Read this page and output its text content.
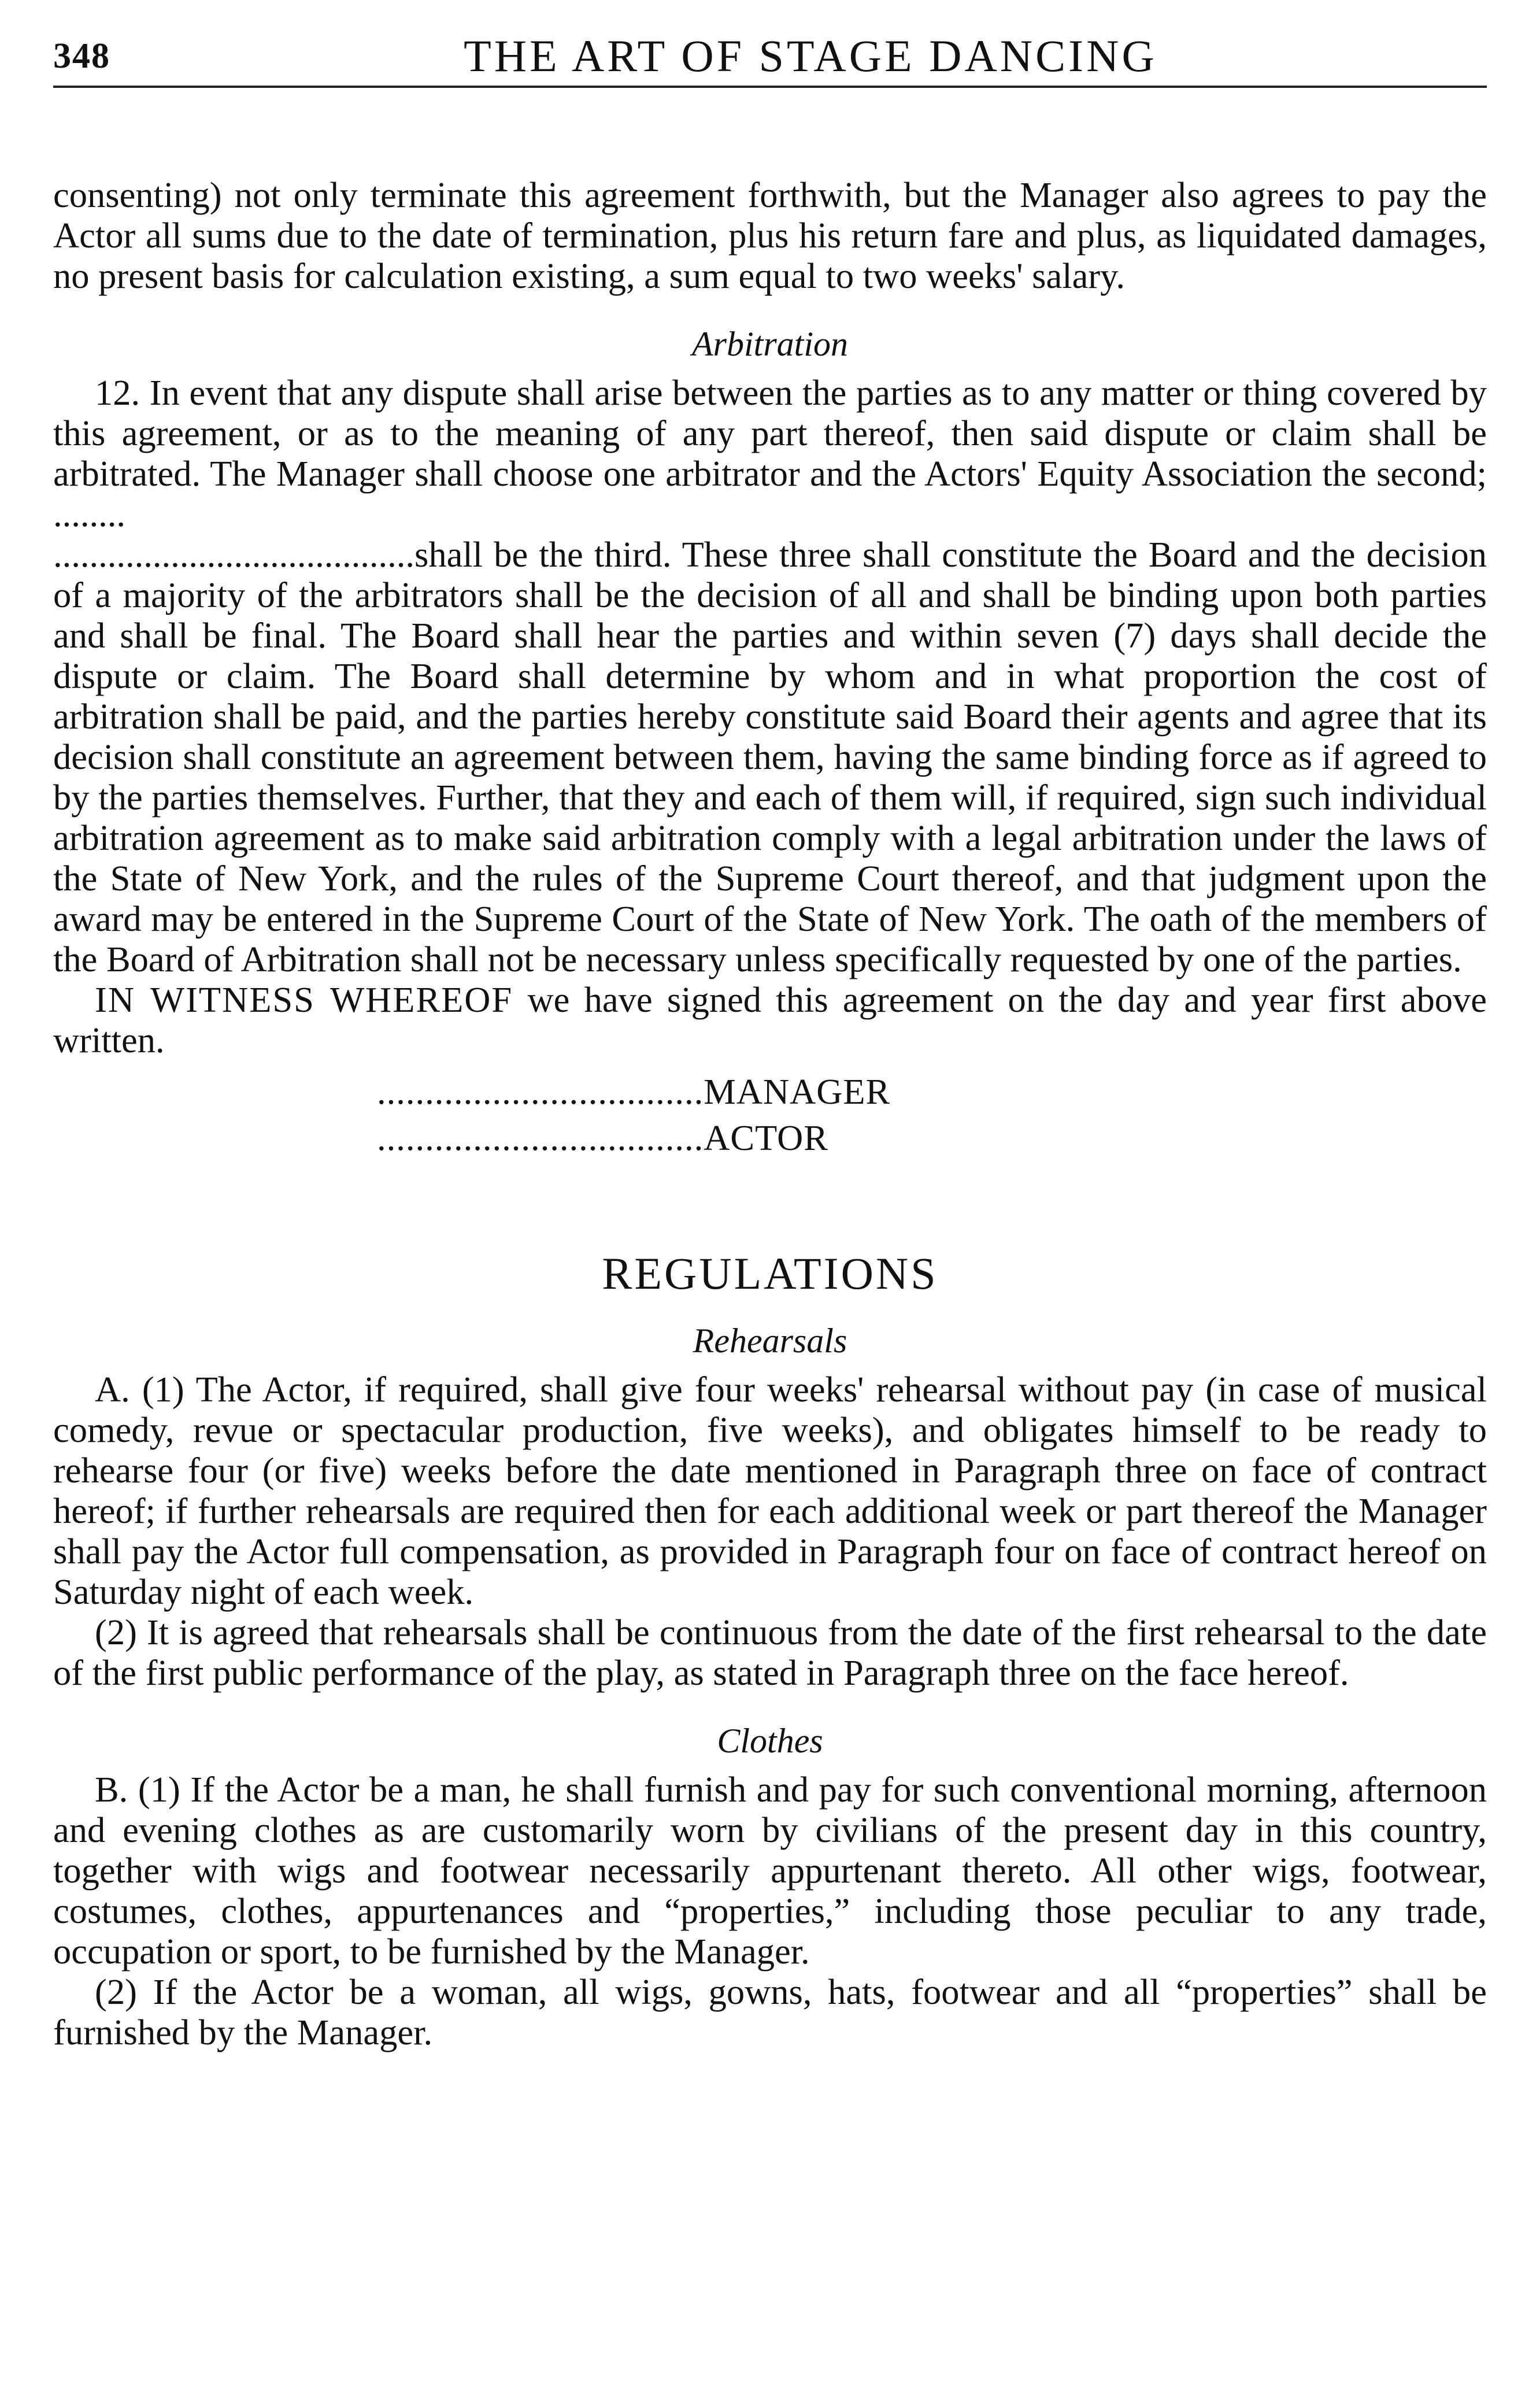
348	THE ART OF STAGE DANCING

consenting) not only terminate this agreement forthwith, but the Manager also agrees to pay the Actor all sums due to the date of termination, plus his return fare and plus, as liquidated damages, no present basis for calculation existing, a sum equal to two weeks' salary.

Arbitration

12. In event that any dispute shall arise between the parties as to any matter or thing covered by this agreement, or as to the meaning of any part thereof, then said dispute or claim shall be arbitrated. The Manager shall choose one arbitrator and the Actors' Equity Association the second; ........

........................................shall be the third. These three shall constitute the Board and the decision of a majority of the arbitrators shall be the decision of all and shall be binding upon both parties and shall be final. The Board shall hear the parties and within seven (7) days shall decide the dispute or claim. The Board shall determine by whom and in what proportion the cost of arbitration shall be paid, and the parties hereby constitute said Board their agents and agree that its decision shall constitute an agreement between them, having the same binding force as if agreed to by the parties themselves. Further, that they and each of them will, if required, sign such individual arbitration agreement as to make said arbitration comply with a legal arbitration under the laws of the State of New York, and the rules of the Supreme Court thereof, and that judgment upon the award may be entered in the Supreme Court of the State of New York. The oath of the members of the Board of Arbitration shall not be necessary unless specifically requested by one of the parties.

IN WITNESS WHEREOF we have signed this agreement on the day and year first above written.

..................................MANAGER
..................................ACTOR
REGULATIONS
Rehearsals

A. (1) The Actor, if required, shall give four weeks' rehearsal without pay (in case of musical comedy, revue or spectacular production, five weeks), and obligates himself to be ready to rehearse four (or five) weeks before the date mentioned in Paragraph three on face of contract hereof; if further rehearsals are required then for each additional week or part thereof the Manager shall pay the Actor full compensation, as provided in Paragraph four on face of contract hereof on Saturday night of each week.

(2) It is agreed that rehearsals shall be continuous from the date of the first rehearsal to the date of the first public performance of the play, as stated in Paragraph three on the face hereof.

Clothes

B. (1) If the Actor be a man, he shall furnish and pay for such conventional morning, afternoon and evening clothes as are customarily worn by civilians of the present day in this country, together with wigs and footwear necessarily appurtenant thereto. All other wigs, footwear, costumes, clothes, appurtenances and “properties,” including those peculiar to any trade, occupation or sport, to be furnished by the Manager.

(2) If the Actor be a woman, all wigs, gowns, hats, footwear and all “properties” shall be furnished by the Manager.
